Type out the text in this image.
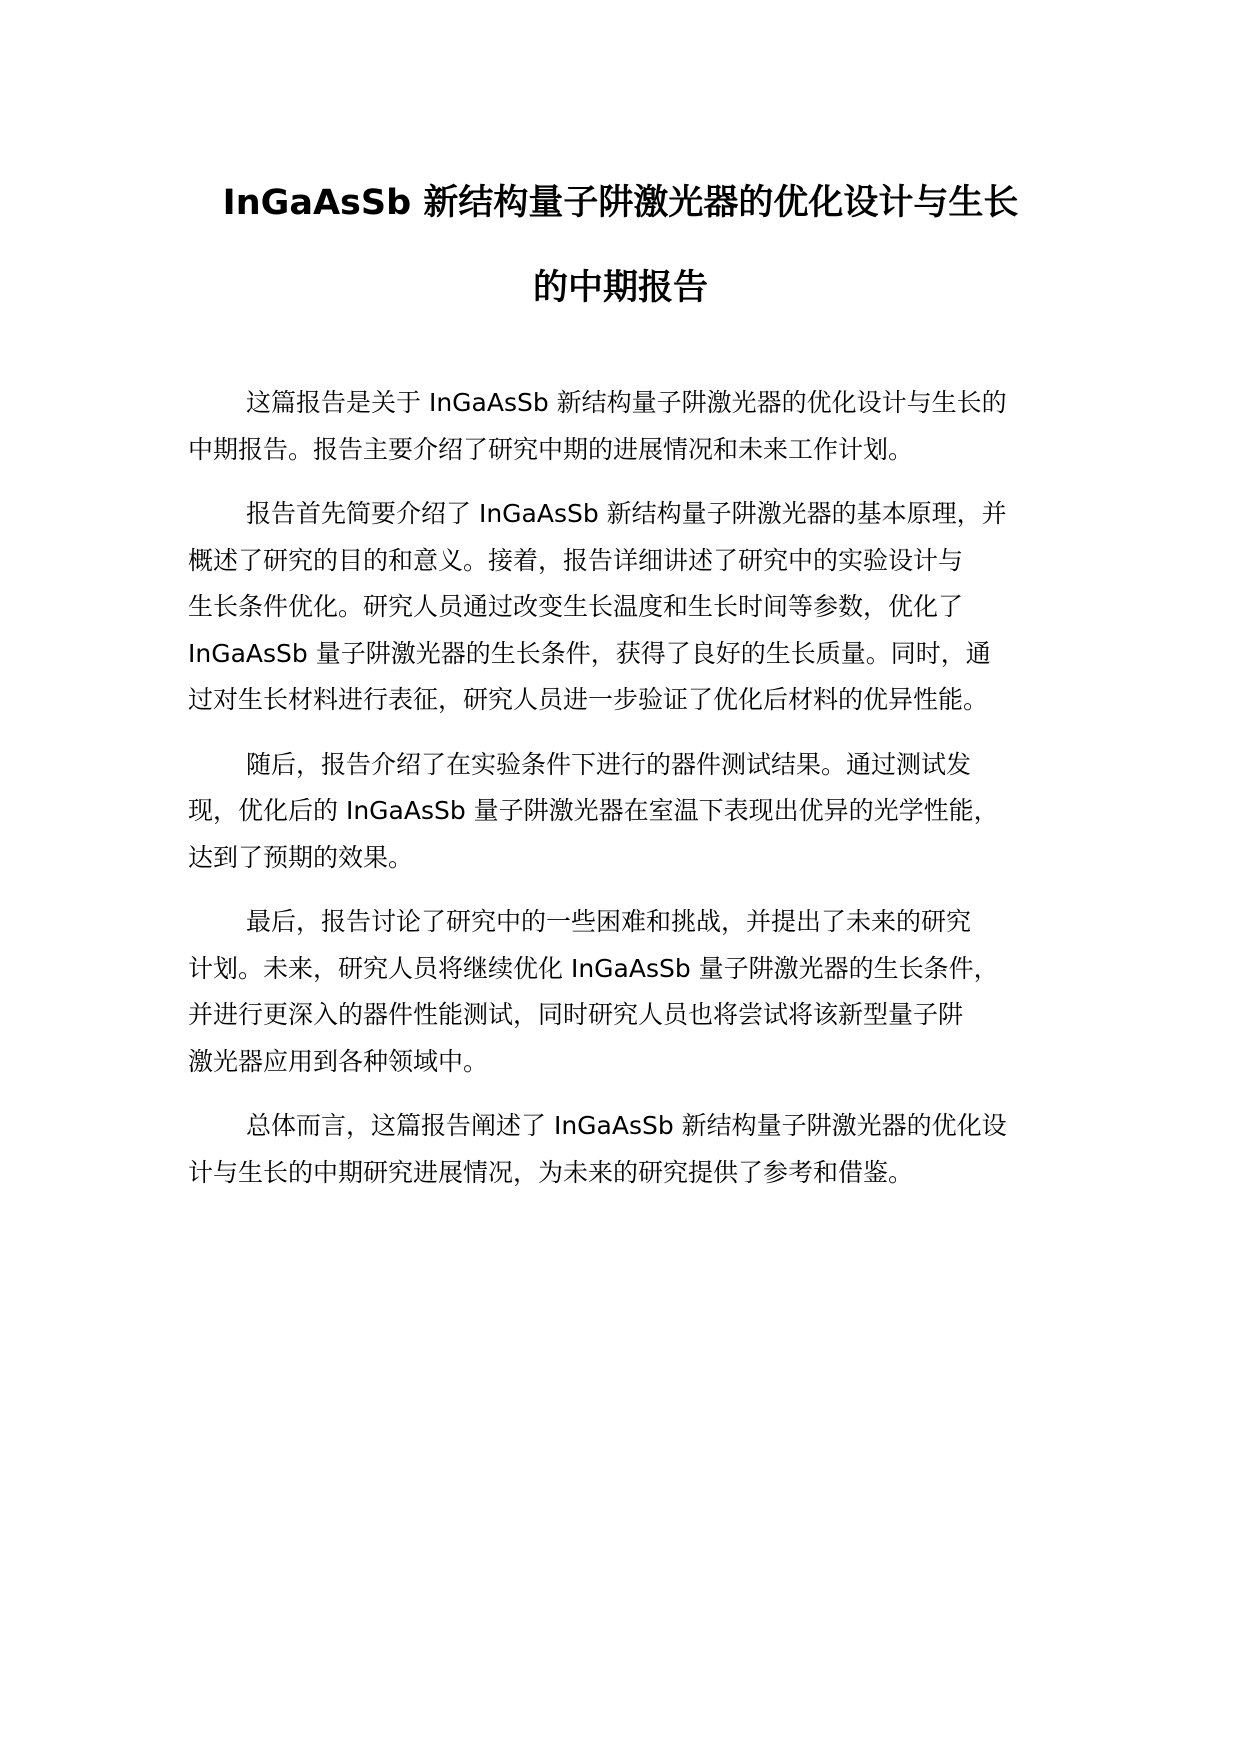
InGaAsSb 新结构量子阱激光器的优化设计与生长
的中期报告

这篇报告是关于 InGaAsSb 新结构量子阱激光器的优化设计与生长的
中期报告。报告主要介绍了研究中期的进展情况和未来工作计划。

报告首先简要介绍了 InGaAsSb 新结构量子阱激光器的基本原理，并
概述了研究的目的和意义。接着，报告详细讲述了研究中的实验设计与
生长条件优化。研究人员通过改变生长温度和生长时间等参数，优化了
InGaAsSb 量子阱激光器的生长条件，获得了良好的生长质量。同时，通
过对生长材料进行表征，研究人员进一步验证了优化后材料的优异性能。

随后，报告介绍了在实验条件下进行的器件测试结果。通过测试发
现，优化后的 InGaAsSb 量子阱激光器在室温下表现出优异的光学性能，
达到了预期的效果。

最后，报告讨论了研究中的一些困难和挑战，并提出了未来的研究
计划。未来，研究人员将继续优化 InGaAsSb 量子阱激光器的生长条件，
并进行更深入的器件性能测试，同时研究人员也将尝试将该新型量子阱
激光器应用到各种领域中。

总体而言，这篇报告阐述了 InGaAsSb 新结构量子阱激光器的优化设
计与生长的中期研究进展情况，为未来的研究提供了参考和借鉴。
